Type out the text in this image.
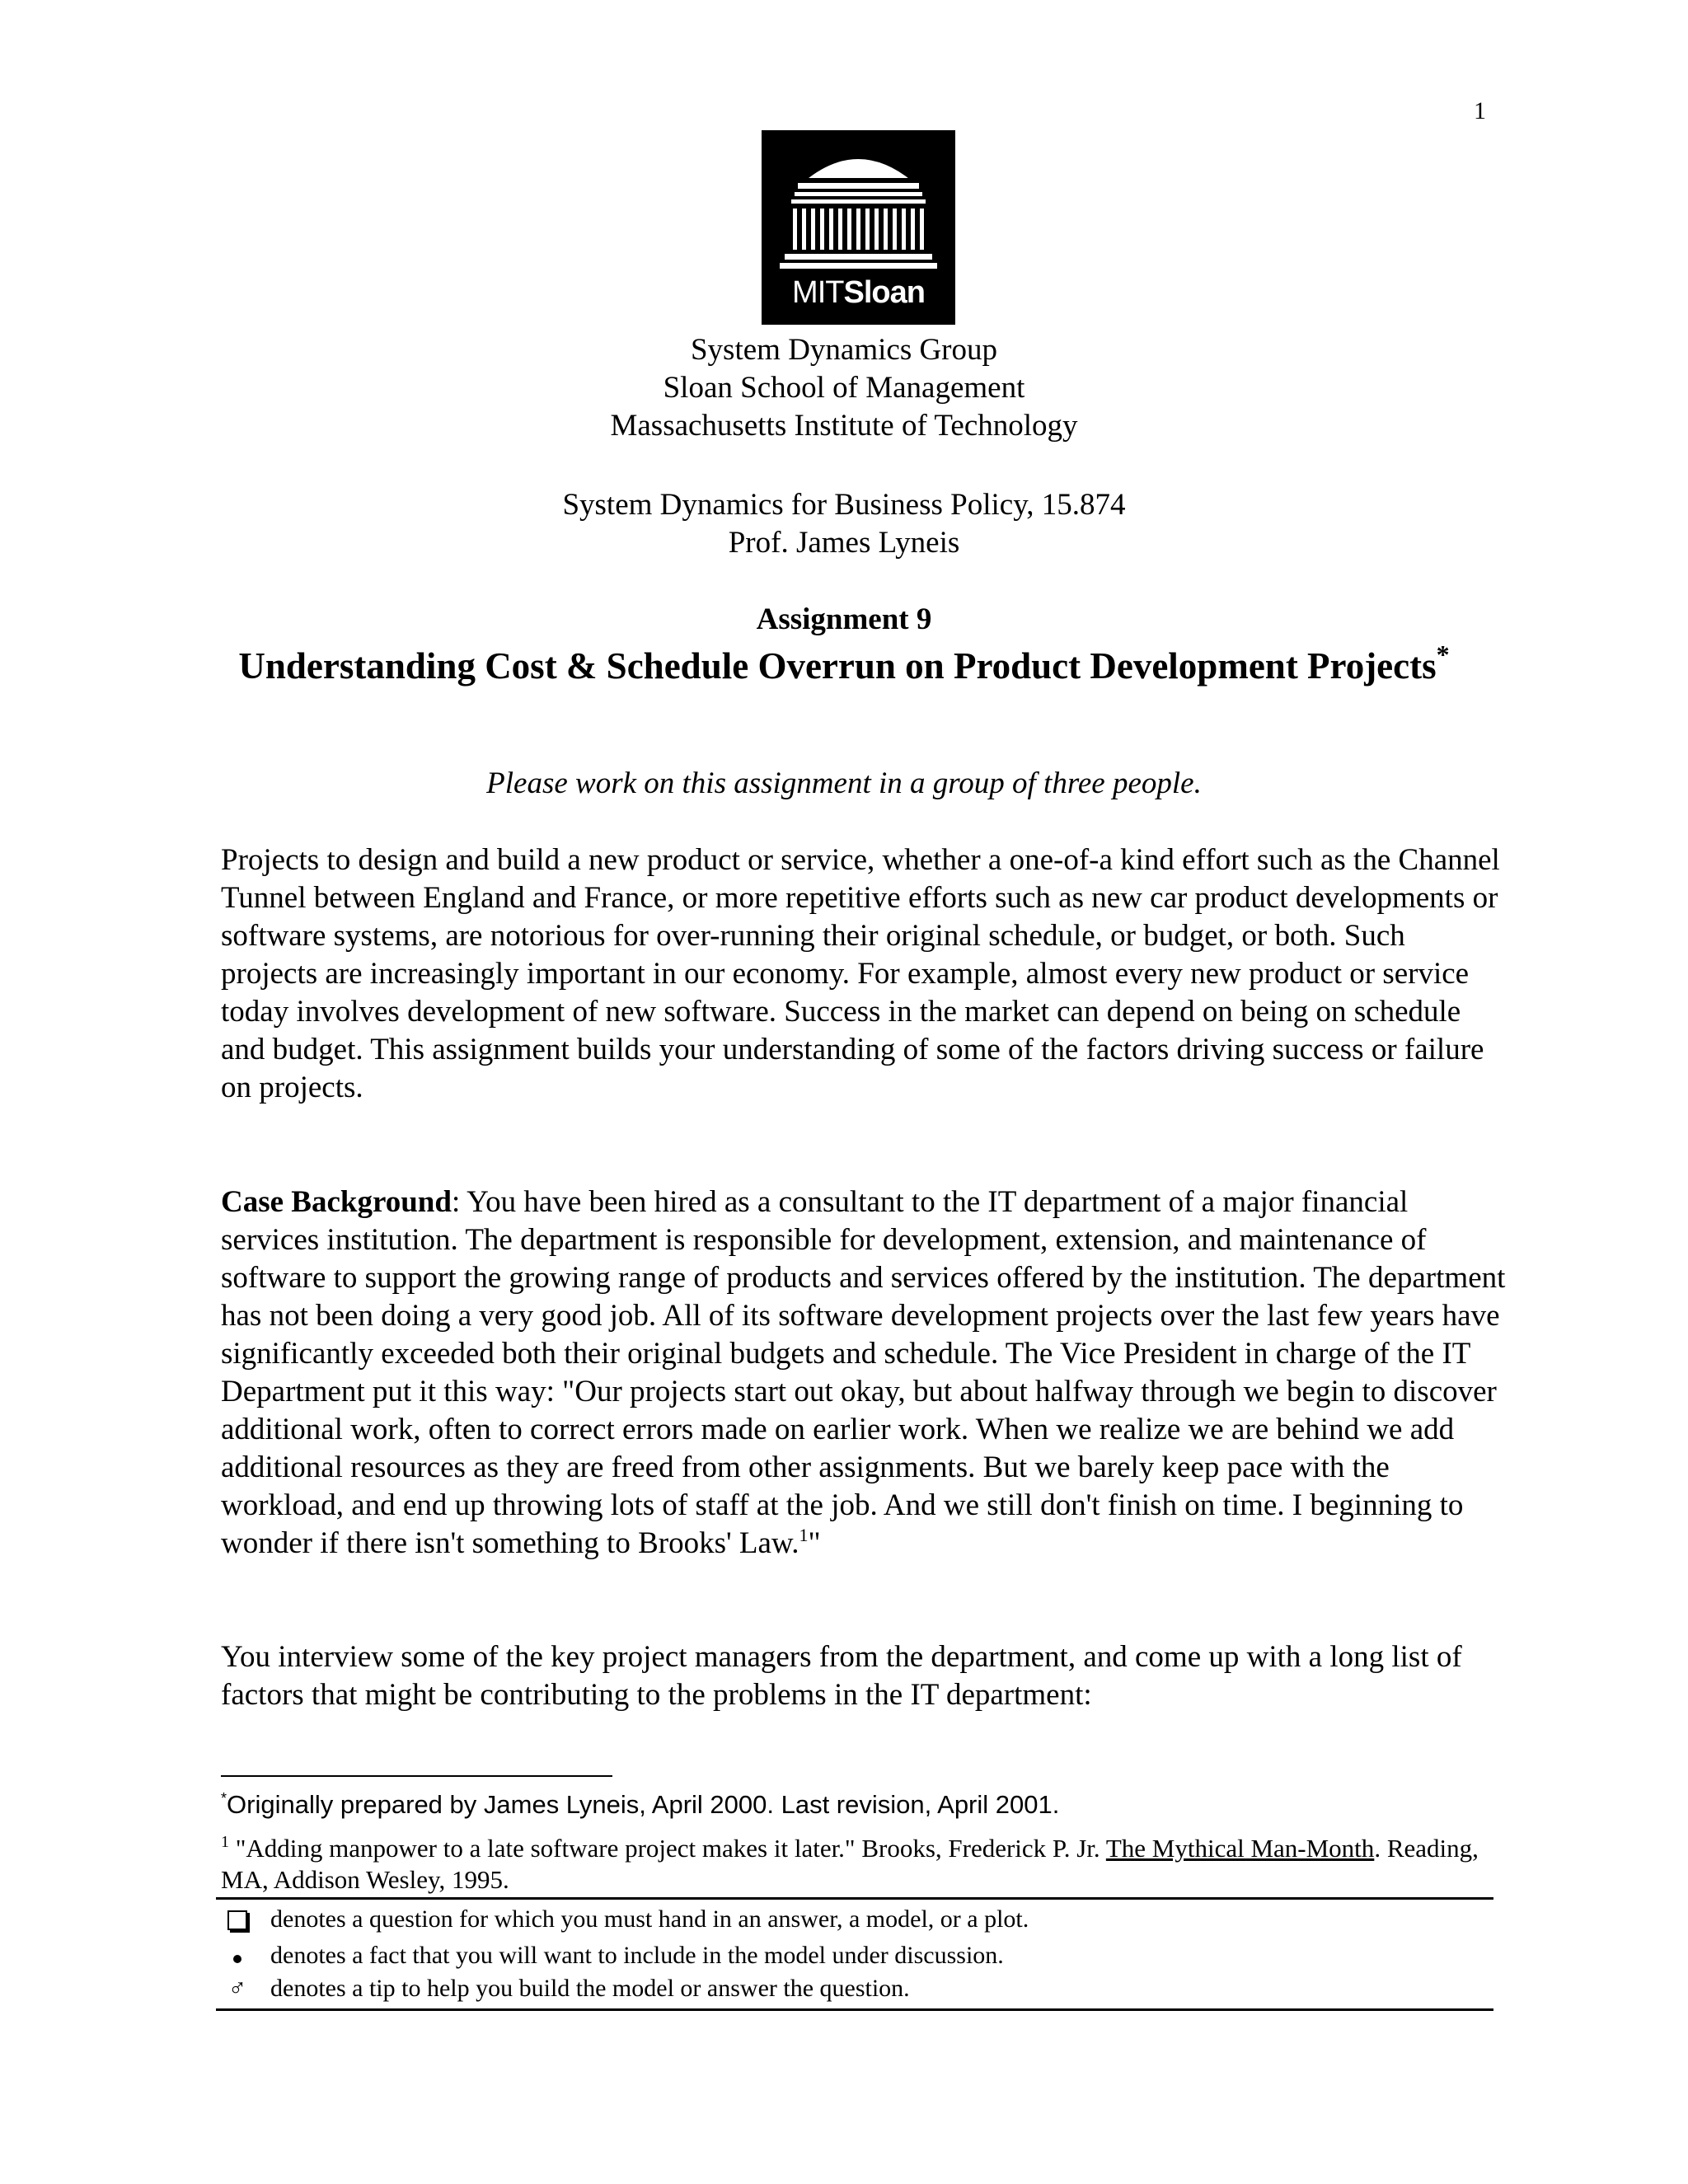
1
MITSloan
System Dynamics Group
Sloan School of Management
Massachusetts Institute of Technology
System Dynamics for Business Policy, 15.874
Prof. James Lyneis
Assignment 9
Understanding Cost & Schedule Overrun on Product Development Projects*
Please work on this assignment in a group of three people.
Projects to design and build a new product or service, whether a one-of-a kind effort such as the Channel Tunnel between England and France, or more repetitive efforts such as new car product developments or software systems, are notorious for over-running their original schedule, or budget, or both. Such projects are increasingly important in our economy. For example, almost every new product or service today involves development of new software. Success in the market can depend on being on schedule and budget. This assignment builds your understanding of some of the factors driving success or failure on projects.
Case Background: You have been hired as a consultant to the IT department of a major financial services institution. The department is responsible for development, extension, and maintenance of software to support the growing range of products and services offered by the institution. The department has not been doing a very good job. All of its software development projects over the last few years have significantly exceeded both their original budgets and schedule. The Vice President in charge of the IT Department put it this way: "Our projects start out okay, but about halfway through we begin to discover additional work, often to correct errors made on earlier work. When we realize we are behind we add additional resources as they are freed from other assignments. But we barely keep pace with the workload, and end up throwing lots of staff at the job. And we still don't finish on time. I beginning to wonder if there isn't something to Brooks' Law.$^1$"
You interview some of the key project managers from the department, and come up with a long list of factors that might be contributing to the problems in the IT department:
*Originally prepared by James Lyneis, April 2000. Last revision, April 2001.
$^1$ "Adding manpower to a late software project makes it later." Brooks, Frederick P. Jr. The Mythical Man-Month. Reading, MA, Addison Wesley, 1995.
denotes a question for which you must hand in an answer, a model, or a plot.
denotes a fact that you will want to include in the model under discussion.
♂ denotes a tip to help you build the model or answer the question.
